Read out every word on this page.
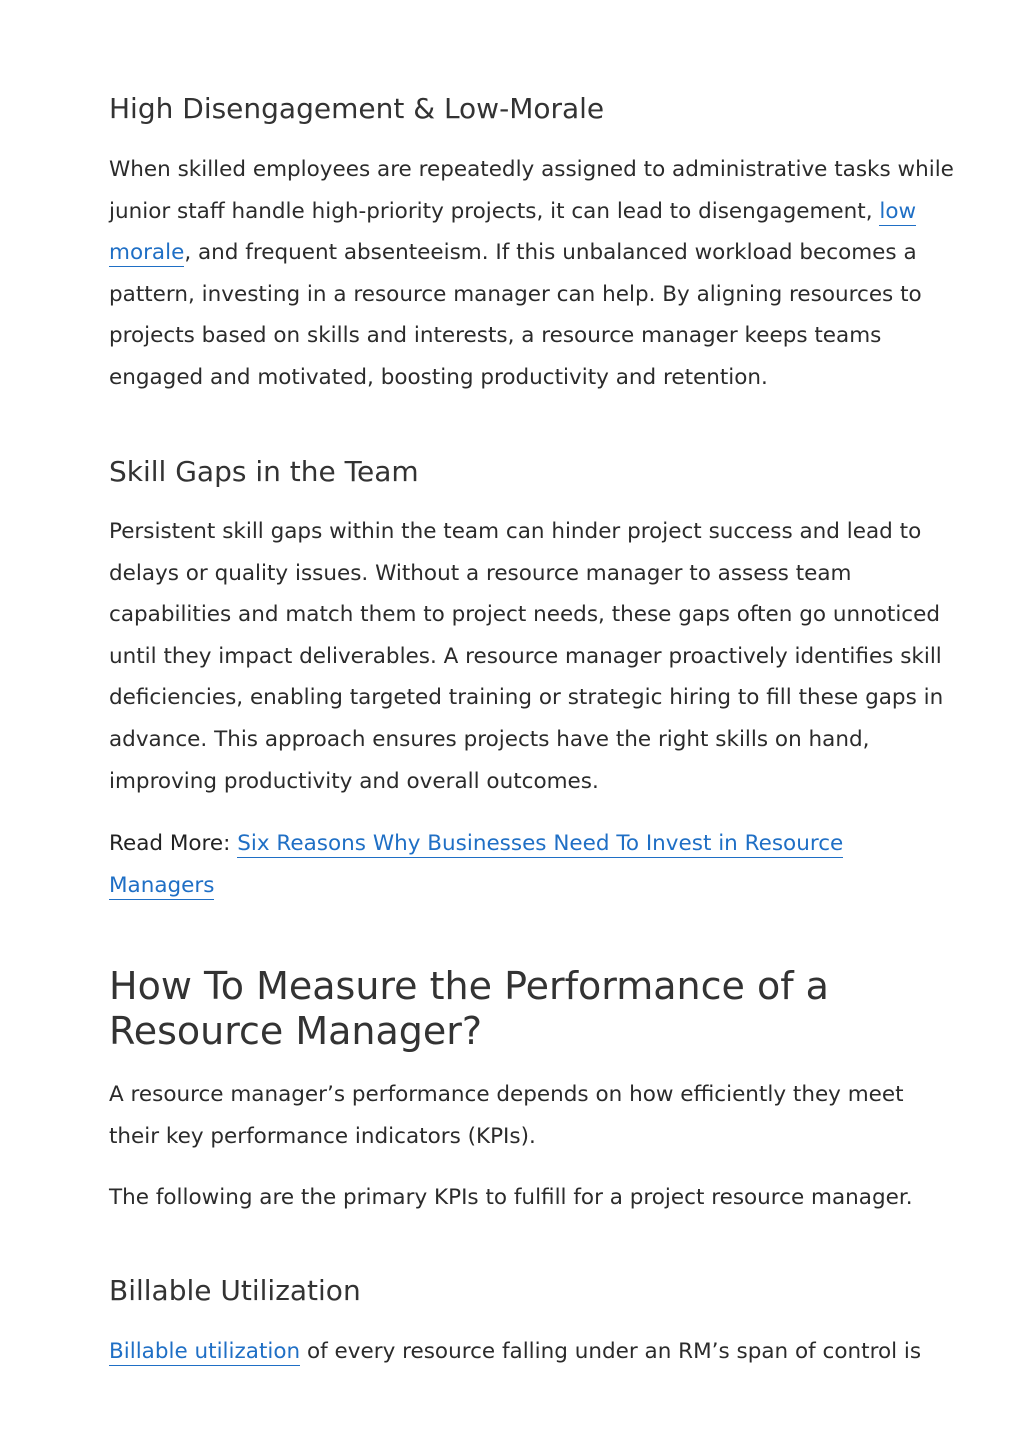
High Disengagement & Low-Morale

When skilled employees are repeatedly assigned to administrative tasks while junior staff handle high-priority projects, it can lead to disengagement, low morale, and frequent absenteeism. If this unbalanced workload becomes a pattern, investing in a resource manager can help. By aligning resources to projects based on skills and interests, a resource manager keeps teams engaged and motivated, boosting productivity and retention.

Skill Gaps in the Team

Persistent skill gaps within the team can hinder project success and lead to delays or quality issues. Without a resource manager to assess team capabilities and match them to project needs, these gaps often go unnoticed until they impact deliverables. A resource manager proactively identifies skill deficiencies, enabling targeted training or strategic hiring to fill these gaps in advance. This approach ensures projects have the right skills on hand, improving productivity and overall outcomes.

Read More: Six Reasons Why Businesses Need To Invest in Resource Managers

How To Measure the Performance of a Resource Manager?

A resource manager’s performance depends on how efficiently they meet their key performance indicators (KPIs).

The following are the primary KPIs to fulfill for a project resource manager.

Billable Utilization

Billable utilization of every resource falling under an RM’s span of control is
